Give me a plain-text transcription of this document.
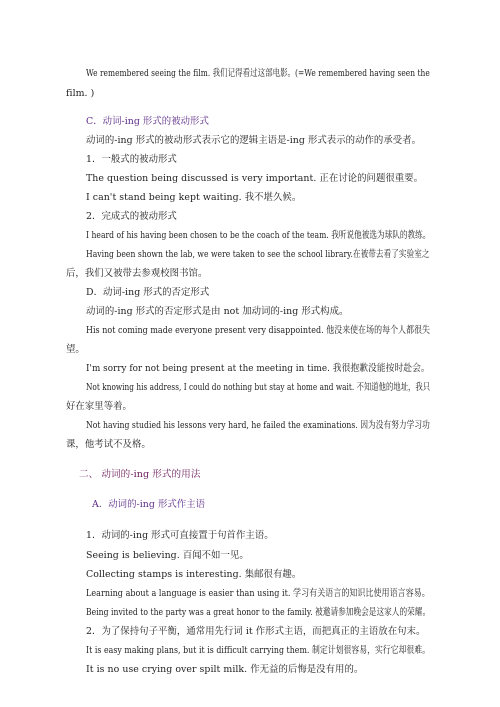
We remembered seeing the film. 我们记得看过这部电影。(=We remembered having seen the
film. )
C．动词-ing 形式的被动形式
动词的-ing 形式的被动形式表示它的逻辑主语是-ing 形式表示的动作的承受者。
1．一般式的被动形式
The question being discussed is very important. 正在讨论的问题很重要。
I can't stand being kept waiting. 我不堪久候。
2．完成式的被动形式
I heard of his having been chosen to be the coach of the team. 我听说他被选为球队的教练。
Having been shown the lab, we were taken to see the school library.在被带去看了实验室之
后，我们又被带去参观校图书馆。
D．动词-ing 形式的否定形式
动词的-ing 形式的否定形式是由 not 加动词的-ing 形式构成。
His not coming made everyone present very disappointed. 他没来使在场的每个人都很失
望。
I'm sorry for not being present at the meeting in time. 我很抱歉没能按时赴会。
Not knowing his address, I could do nothing but stay at home and wait. 不知道他的地址，我只
好在家里等着。
Not having studied his lessons very hard, he failed the examinations. 因为没有努力学习功
课，他考试不及格。
二、 动词的-ing 形式的用法
A．动词的-ing 形式作主语
1．动词的-ing 形式可直接置于句首作主语。
Seeing is believing. 百闻不如一见。
Collecting stamps is interesting. 集邮很有趣。
Learning about a language is easier than using it. 学习有关语言的知识比使用语言容易。
Being invited to the party was a great honor to the family. 被邀请参加晚会是这家人的荣耀。
2．为了保持句子平衡，通常用先行词 it 作形式主语，而把真正的主语放在句末。
It is easy making plans, but it is difficult carrying them. 制定计划很容易，实行它却很难。
It is no use crying over spilt milk. 作无益的后悔是没有用的。
